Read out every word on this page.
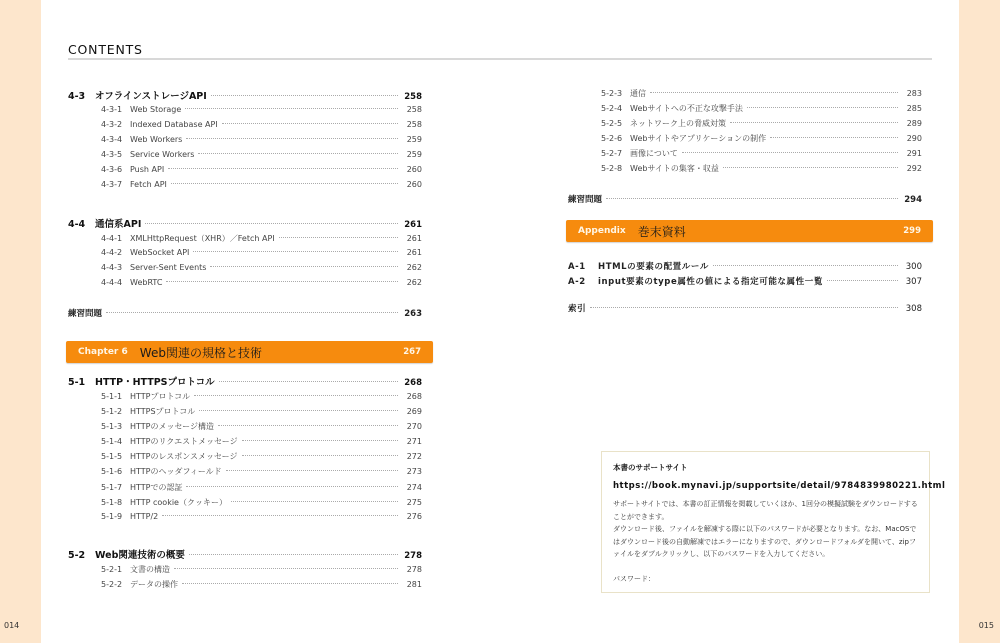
014	015
CONTENTS
4-3	オフラインストレージAPI	258
4-3-1 Web Storage	258
4-3-2 Indexed Database API	258
4-3-4 Web Workers	259
4-3-5 Service Workers	259
4-3-6 Push API	260
4-3-7 Fetch API	260
4-4	通信系API	261
4-4-1 XMLHttpRequest（XHR）／Fetch API	261
4-4-2 WebSocket API	261
4-4-3 Server-Sent Events	262
4-4-4 WebRTC	262
練習問題	263
Chapter 6 Web関連の規格と技術	267
5-1	HTTP・HTTPSプロトコル	268
5-1-1 HTTPプロトコル	268
5-1-2 HTTPSプロトコル	269
5-1-3 HTTPのメッセージ構造	270
5-1-4 HTTPのリクエストメッセージ	271
5-1-5 HTTPのレスポンスメッセージ	272
5-1-6 HTTPのヘッダフィールド	273
5-1-7 HTTPでの認証	274
5-1-8 HTTP cookie（クッキー）	275
5-1-9 HTTP/2	276
5-2	Web関連技術の概要	278
5-2-1 文書の構造	278
5-2-2 データの操作	281
5-2-3 通信	283
5-2-4 Webサイトへの不正な攻撃手法	285
5-2-5 ネットワーク上の脅威対策	289
5-2-6 Webサイトやアプリケーションの制作	290
5-2-7 画像について	291
5-2-8 Webサイトの集客・収益	292
練習問題	294
Appendix 巻末資料	299
A-1	HTMLの要素の配置ルール	300
A-2	input要素のtype属性の値による指定可能な属性一覧	307
索引	308
本書のサポートサイト
https://book.mynavi.jp/supportsite/detail/9784839980221.html
サポートサイトでは、本書の訂正情報を掲載していくほか、1回分の模擬試験をダウンロードすることができます。
ダウンロード後、ファイルを解凍する際に以下のパスワードが必要となります。なお、MacOSではダウンロード後の自動解凍ではエラーになりますので、ダウンロードフォルダを開いて、zipファイルをダブルクリックし、以下のパスワードを入力してください。
パスワード：
